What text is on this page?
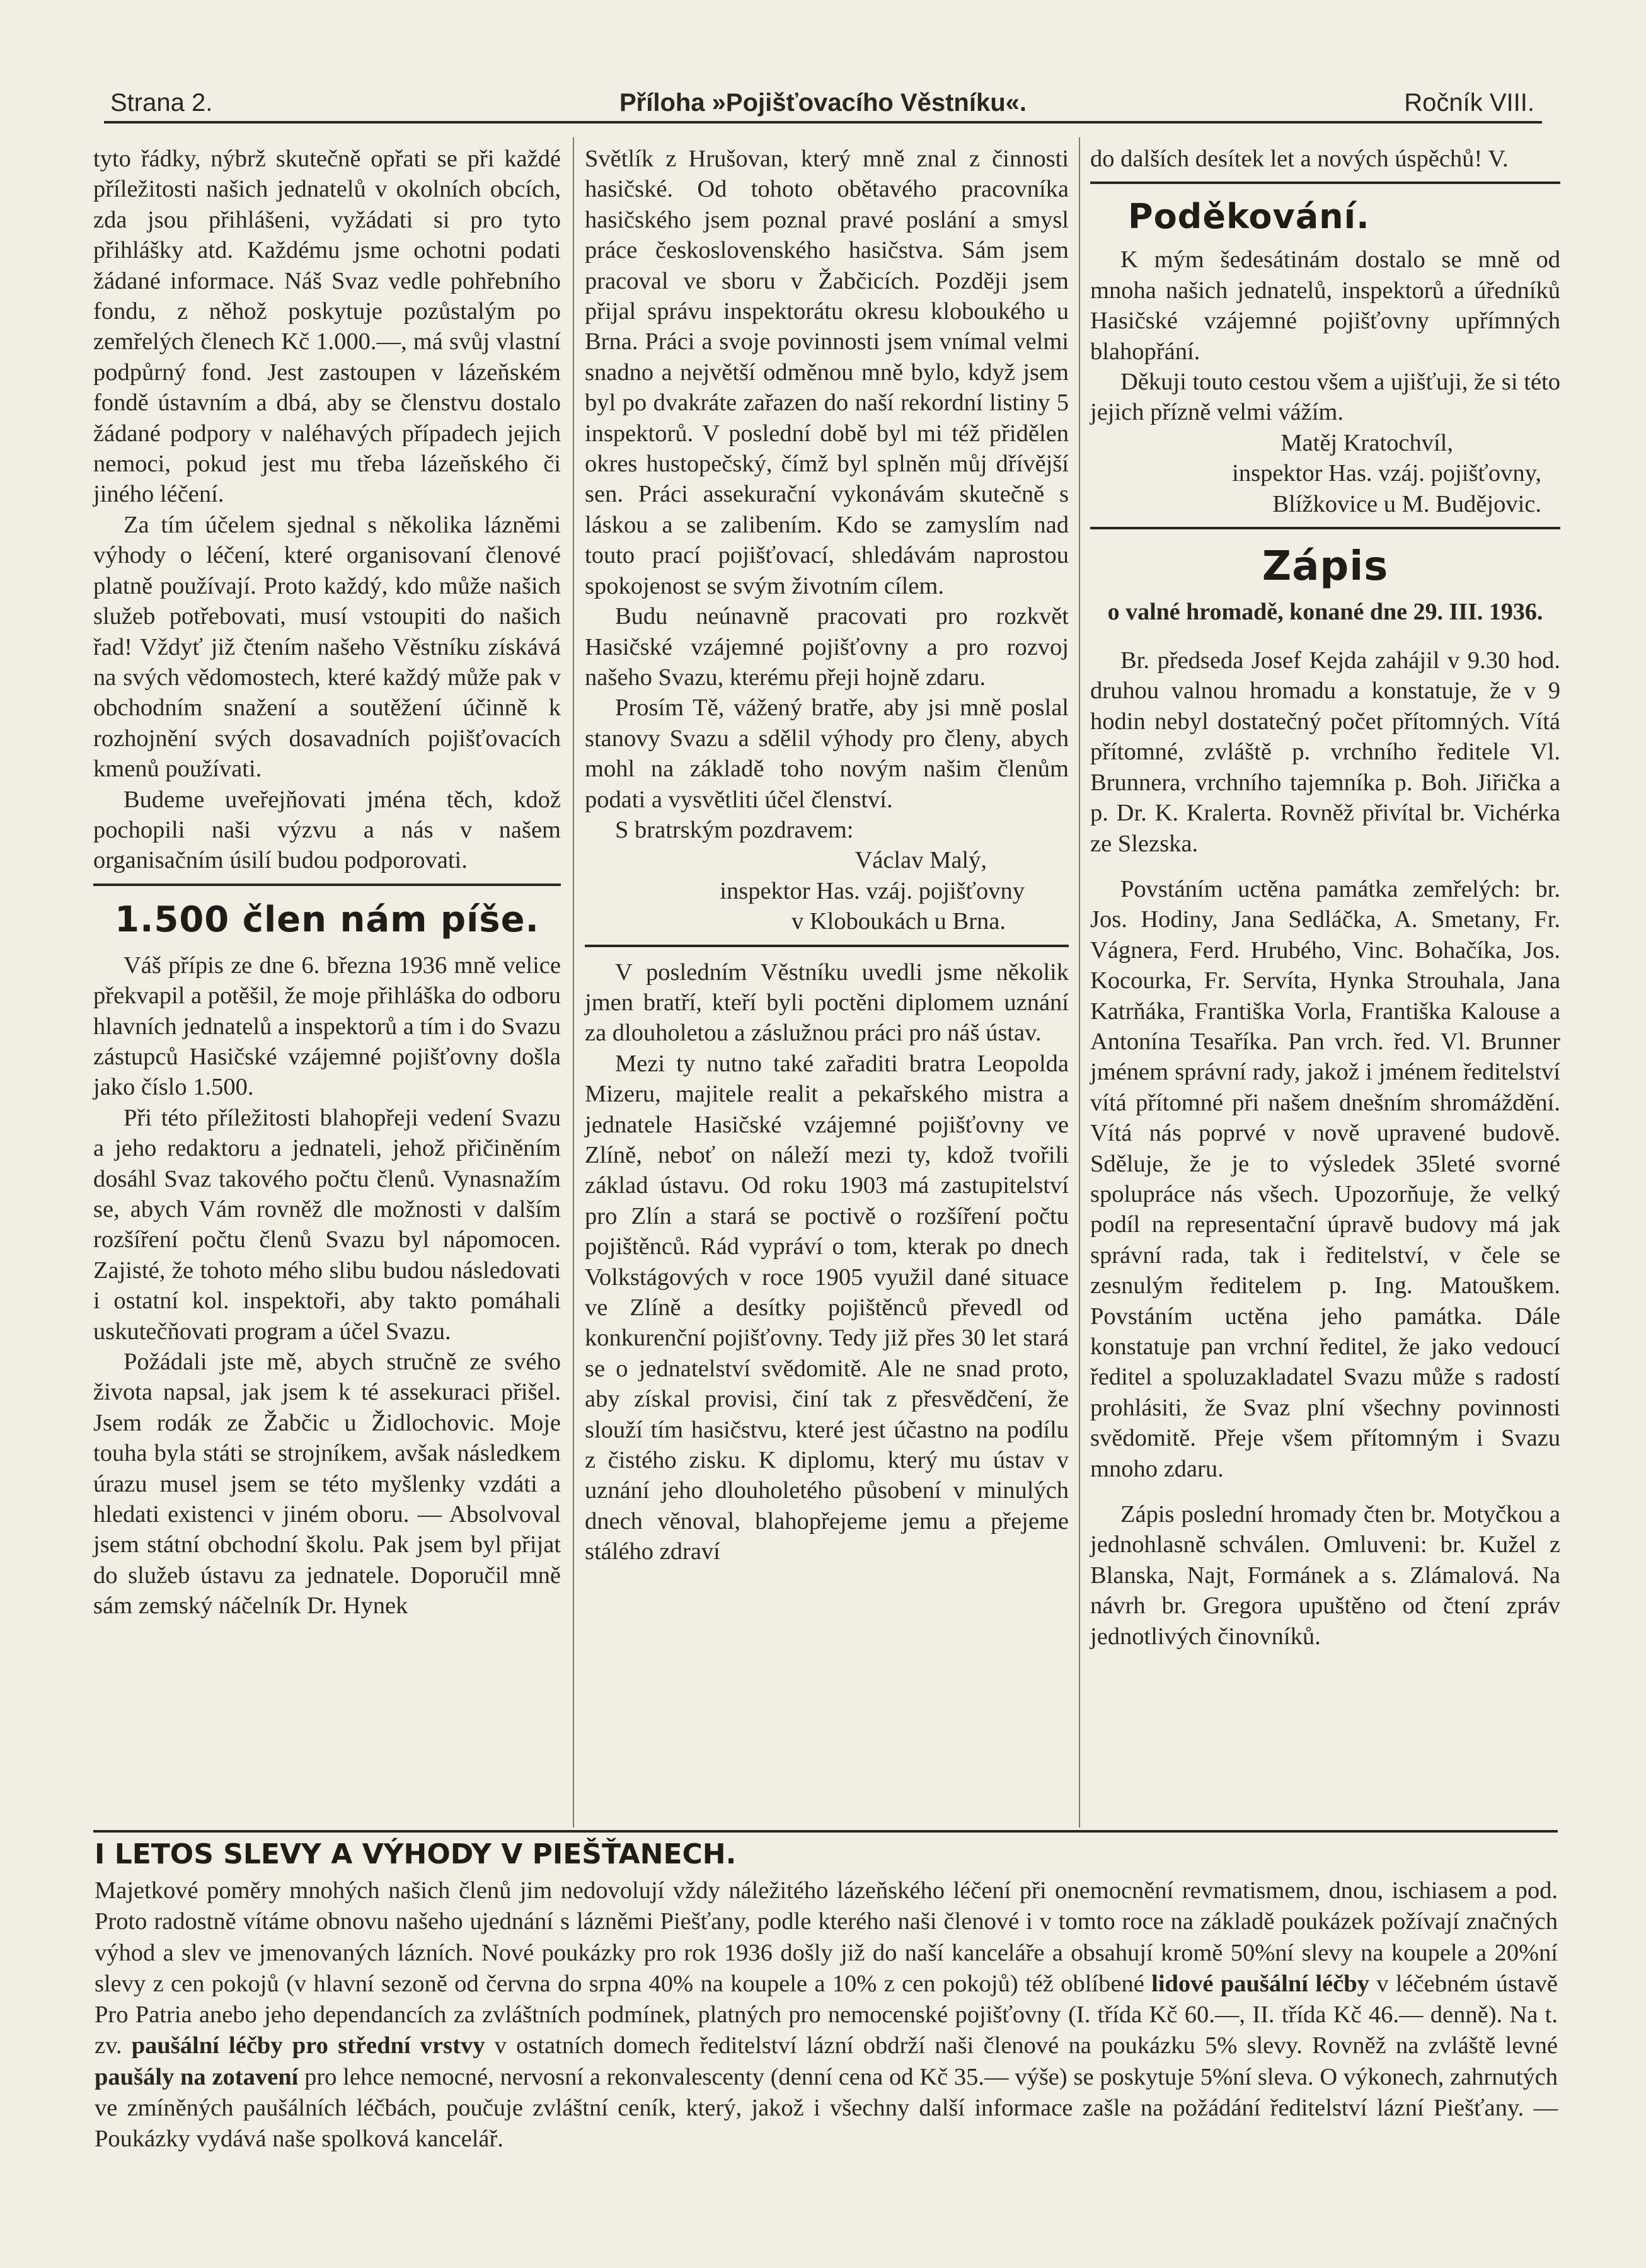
Strana 2.	Příloha »Pojišťovacího Věstníku«.	Ročník VIII.

tyto řádky, nýbrž skutečně opřati se při každé příležitosti našich jednatelů v okolních obcích, zda jsou přihlášeni, vyžádati si pro tyto přihlášky atd. Každému jsme ochotni podati žádané informace. Náš Svaz vedle pohřebního fondu, z něhož poskytuje pozůstalým po zemřelých členech Kč 1.000.—, má svůj vlastní podpůrný fond. Jest zastoupen v lázeňském fondě ústavním a dbá, aby se členstvu dostalo žádané podpory v naléhavých případech jejich nemoci, pokud jest mu třeba lázeňského či jiného léčení.

Za tím účelem sjednal s několika lázněmi výhody o léčení, které organisovaní členové platně používají. Proto každý, kdo může našich služeb potřebovati, musí vstoupiti do našich řad! Vždyť již čtením našeho Věstníku získává na svých vědomostech, které každý může pak v obchodním snažení a soutěžení účinně k rozhojnění svých dosavadních pojišťovacích kmenů používati.

Budeme uveřejňovati jména těch, kdož pochopili naši výzvu a nás v našem organisačním úsilí budou podporovati.

1.500 člen nám píše.

Váš přípis ze dne 6. března 1936 mně velice překvapil a potěšil, že moje přihláška do odboru hlavních jednatelů a inspektorů a tím i do Svazu zástupců Hasičské vzájemné pojišťovny došla jako číslo 1.500.

Při této příležitosti blahopřeji vedení Svazu a jeho redaktoru a jednateli, jehož přičiněním dosáhl Svaz takového počtu členů. Vynasnažím se, abych Vám rovněž dle možnosti v dalším rozšíření počtu členů Svazu byl nápomocen. Zajisté, že tohoto mého slibu budou následovati i ostatní kol. inspektoři, aby takto pomáhali uskutečňovati program a účel Svazu.

Požádali jste mě, abych stručně ze svého života napsal, jak jsem k té assekuraci přišel. Jsem rodák ze Žabčic u Židlochovic. Moje touha byla státi se strojníkem, avšak následkem úrazu musel jsem se této myšlenky vzdáti a hledati existenci v jiném oboru. — Absolvoval jsem státní obchodní školu. Pak jsem byl přijat do služeb ústavu za jednatele. Doporučil mně sám zemský náčelník Dr. Hynek

Světlík z Hrušovan, který mně znal z činnosti hasičské. Od tohoto obětavého pracovníka hasičského jsem poznal pravé poslání a smysl práce československého hasičstva. Sám jsem pracoval ve sboru v Žabčicích. Později jsem přijal správu inspektorátu okresu kloboukého u Brna. Práci a svoje povinnosti jsem vnímal velmi snadno a největší odměnou mně bylo, když jsem byl po dvakráte zařazen do naší rekordní listiny 5 inspektorů. V poslední době byl mi též přidělen okres hustopečský, čímž byl splněn můj dřívější sen. Práci assekurační vykonávám skutečně s láskou a se zalibením. Kdo se zamyslím nad touto prací pojišťovací, shledávám naprostou spokojenost se svým životním cílem.

Budu neúnavně pracovati pro rozkvět Hasičské vzájemné pojišťovny a pro rozvoj našeho Svazu, kterému přeji hojně zdaru.

Prosím Tě, vážený bratře, aby jsi mně poslal stanovy Svazu a sdělil výhody pro členy, abych mohl na základě toho novým našim členům podati a vysvětliti účel členství.

S bratrským pozdravem:

Václav Malý,
inspektor Has. vzáj. pojišťovny
v Kloboukách u Brna.

V posledním Věstníku uvedli jsme několik jmen bratří, kteří byli poctěni diplomem uznání za dlouholetou a záslužnou práci pro náš ústav.

Mezi ty nutno také zařaditi bratra Leopolda Mizeru, majitele realit a pekařského mistra a jednatele Hasičské vzájemné pojišťovny ve Zlíně, neboť on náleží mezi ty, kdož tvořili základ ústavu. Od roku 1903 má zastupitelství pro Zlín a stará se poctivě o rozšíření počtu pojištěnců. Rád vypráví o tom, kterak po dnech Volkstágových v roce 1905 využil dané situace ve Zlíně a desítky pojištěnců převedl od konkurenční pojišťovny. Tedy již přes 30 let stará se o jednatelství svědomitě. Ale ne snad proto, aby získal provisi, činí tak z přesvědčení, že slouží tím hasičstvu, které jest účastno na podílu z čistého zisku. K diplomu, který mu ústav v uznání jeho dlouholetého působení v minulých dnech věnoval, blahopřejeme jemu a přejeme stálého zdraví

do dalších desítek let a nových úspěchů! V.

Poděkování.

K mým šedesátinám dostalo se mně od mnoha našich jednatelů, inspektorů a úředníků Hasičské vzájemné pojišťovny upřímných blahopřání.

Děkuji touto cestou všem a ujišťuji, že si této jejich přízně velmi vážím.

Matěj Kratochvíl,
inspektor Has. vzáj. pojišťovny,
Blížkovice u M. Budějovic.
Zápis
o valné hromadě, konané dne 29. III. 1936.

Br. předseda Josef Kejda zahájil v 9.30 hod. druhou valnou hromadu a konstatuje, že v 9 hodin nebyl dostatečný počet přítomných. Vítá přítomné, zvláště p. vrchního ředitele Vl. Brunnera, vrchního tajemníka p. Boh. Jiřička a p. Dr. K. Kralerta. Rovněž přivítal br. Vichérka ze Slezska.

Povstáním uctěna památka zemřelých: br. Jos. Hodiny, Jana Sedláčka, A. Smetany, Fr. Vágnera, Ferd. Hrubého, Vinc. Bohačíka, Jos. Kocourka, Fr. Servíta, Hynka Strouhala, Jana Katrňáka, Františka Vorla, Františka Kalouse a Antonína Tesaříka. Pan vrch. řed. Vl. Brunner jménem správní rady, jakož i jménem ředitelství vítá přítomné při našem dnešním shromáždění. Vítá nás poprvé v nově upravené budově. Sděluje, že je to výsledek 35leté svorné spolupráce nás všech. Upozorňuje, že velký podíl na representační úpravě budovy má jak správní rada, tak i ředitelství, v čele se zesnulým ředitelem p. Ing. Matouškem. Povstáním uctěna jeho památka. Dále konstatuje pan vrchní ředitel, že jako vedoucí ředitel a spoluzakladatel Svazu může s radostí prohlásiti, že Svaz plní všechny povinnosti svědomitě. Přeje všem přítomným i Svazu mnoho zdaru.

Zápis poslední hromady čten br. Motyčkou a jednohlasně schválen. Omluveni: br. Kužel z Blanska, Najt, Formánek a s. Zlámalová. Na návrh br. Gregora upuštěno od čtení zpráv jednotlivých činovníků.

I LETOS SLEVY A VÝHODY V PIEŠŤANECH.

Majetkové poměry mnohých našich členů jim nedovolují vždy náležitého lázeňského léčení při onemocnění revmatismem, dnou, ischiasem a pod. Proto radostně vítáme obnovu našeho ujednání s lázněmi Piešťany, podle kterého naši členové i v tomto roce na základě poukázek požívají značných výhod a slev ve jmenovaných lázních. Nové poukázky pro rok 1936 došly již do naší kanceláře a obsahují kromě 50%ní slevy na koupele a 20%ní slevy z cen pokojů (v hlavní sezoně od června do srpna 40% na koupele a 10% z cen pokojů) též oblíbené lidové paušální léčby v léčebném ústavě Pro Patria anebo jeho dependancích za zvláštních podmínek, platných pro nemocenské pojišťovny (I. třída Kč 60.—, II. třída Kč 46.— denně). Na t. zv. paušální léčby pro střední vrstvy v ostatních domech ředitelství lázní obdrží naši členové na poukázku 5% slevy. Rovněž na zvláště levné paušály na zotavení pro lehce nemocné, nervosní a rekonvalescenty (denní cena od Kč 35.— výše) se poskytuje 5%ní sleva. O výkonech, zahrnutých ve zmíněných paušálních léčbách, poučuje zvláštní ceník, který, jakož i všechny další informace zašle na požádání ředitelství lázní Piešťany. — Poukázky vydává naše spolková kancelář.
